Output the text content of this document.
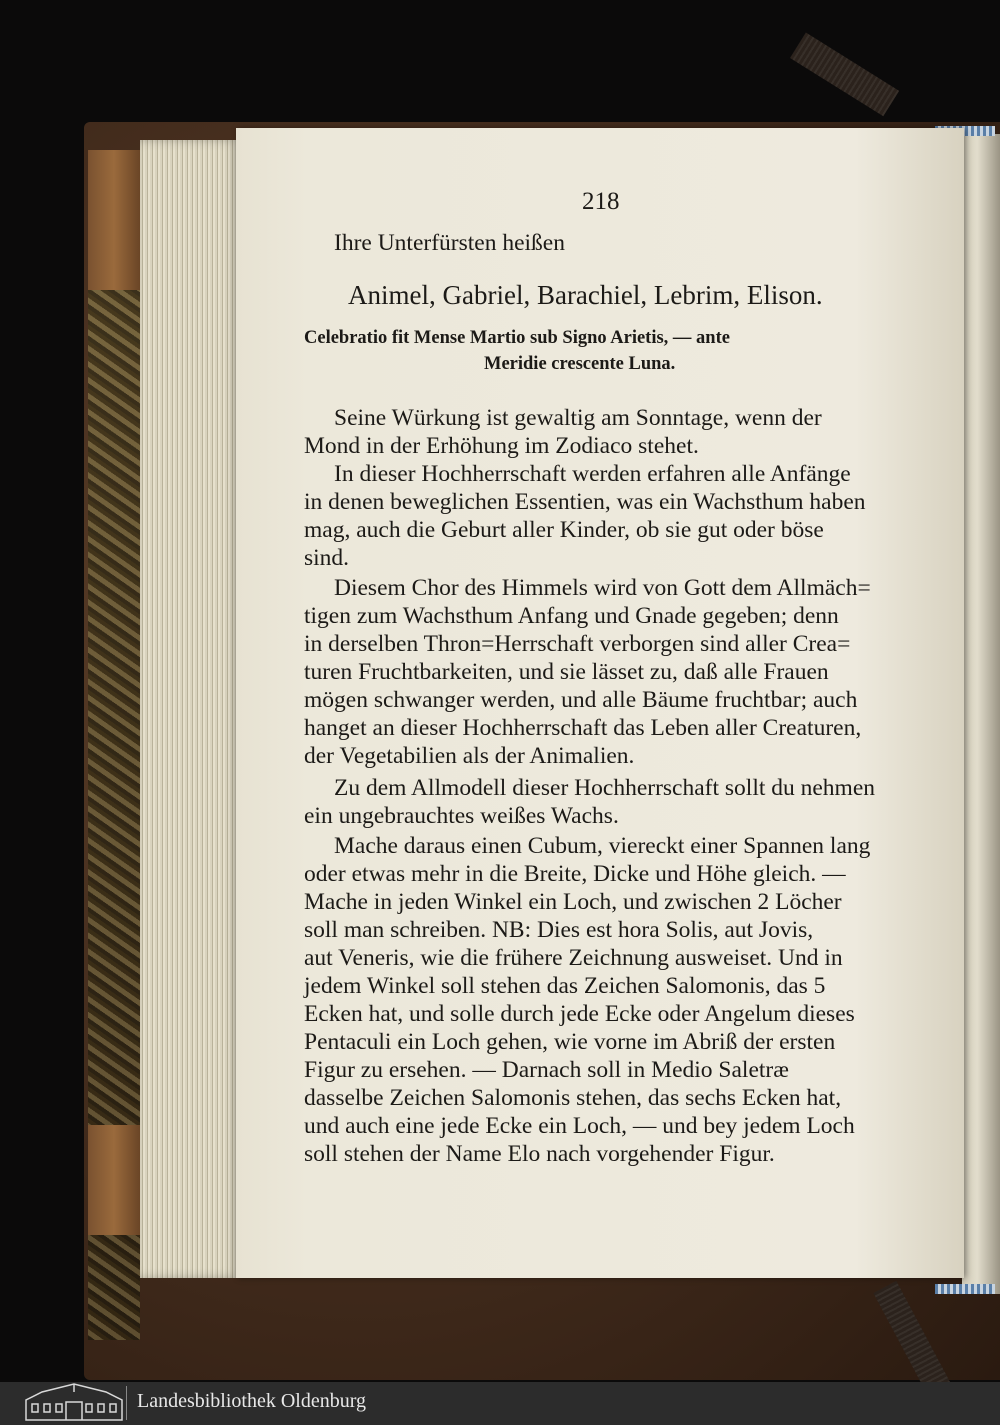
218
Ihre Unterfürsten heißen
Animel, Gabriel, Barachiel, Lebrim, Elison.
Celebratio fit Mense Martio sub Signo Arietis, — ante
Meridie crescente Luna.
Seine Würkung ist gewaltig am Sonntage, wenn der
Mond in der Erhöhung im Zodiaco stehet.
In dieser Hochherrschaft werden erfahren alle Anfänge
in denen beweglichen Essentien, was ein Wachsthum haben
mag, auch die Geburt aller Kinder, ob sie gut oder böse
sind.
Diesem Chor des Himmels wird von Gott dem Allmäch=
tigen zum Wachsthum Anfang und Gnade gegeben; denn
in derselben Thron=Herrschaft verborgen sind aller Crea=
turen Fruchtbarkeiten, und sie lässet zu, daß alle Frauen
mögen schwanger werden, und alle Bäume fruchtbar; auch
hanget an dieser Hochherrschaft das Leben aller Creaturen,
der Vegetabilien als der Animalien.
Zu dem Allmodell dieser Hochherrschaft sollt du nehmen
ein ungebrauchtes weißes Wachs.
Mache daraus einen Cubum, viereckt einer Spannen lang
oder etwas mehr in die Breite, Dicke und Höhe gleich. —
Mache in jeden Winkel ein Loch, und zwischen 2 Löcher
soll man schreiben. NB: Dies est hora Solis, aut Jovis,
aut Veneris, wie die frühere Zeichnung ausweiset. Und in
jedem Winkel soll stehen das Zeichen Salomonis, das 5
Ecken hat, und solle durch jede Ecke oder Angelum dieses
Pentaculi ein Loch gehen, wie vorne im Abriß der ersten
Figur zu ersehen. — Darnach soll in Medio Saletræ
dasselbe Zeichen Salomonis stehen, das sechs Ecken hat,
und auch eine jede Ecke ein Loch, — und bey jedem Loch
soll stehen der Name Elo nach vorgehender Figur.
Landesbibliothek Oldenburg
